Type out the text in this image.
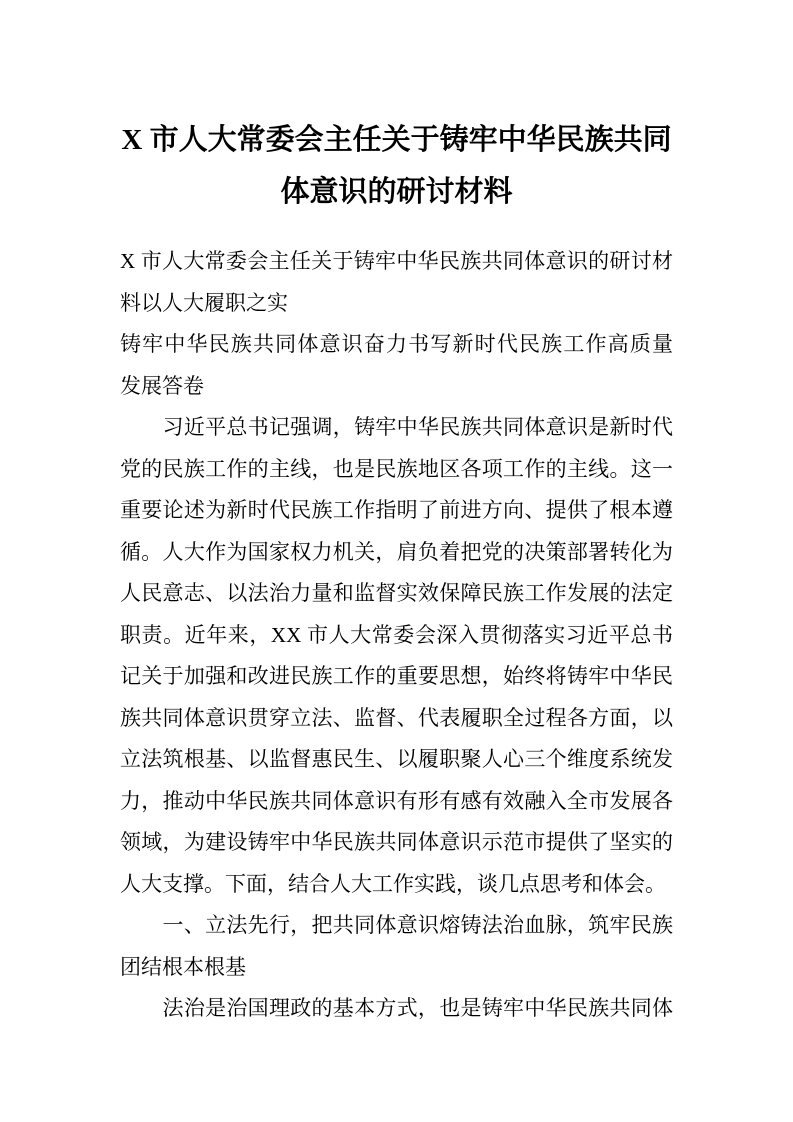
X 市人大常委会主任关于铸牢中华民族共同
体意识的研讨材料
X 市人大常委会主任关于铸牢中华民族共同体意识的研讨材
料以人大履职之实
铸牢中华民族共同体意识奋力书写新时代民族工作高质量
发展答卷
　　习近平总书记强调，铸牢中华民族共同体意识是新时代
党的民族工作的主线，也是民族地区各项工作的主线。这一
重要论述为新时代民族工作指明了前进方向、提供了根本遵
循。人大作为国家权力机关，肩负着把党的决策部署转化为
人民意志、以法治力量和监督实效保障民族工作发展的法定
职责。近年来，XX 市人大常委会深入贯彻落实习近平总书
记关于加强和改进民族工作的重要思想，始终将铸牢中华民
族共同体意识贯穿立法、监督、代表履职全过程各方面，以
立法筑根基、以监督惠民生、以履职聚人心三个维度系统发
力，推动中华民族共同体意识有形有感有效融入全市发展各
领域，为建设铸牢中华民族共同体意识示范市提供了坚实的
人大支撑。下面，结合人大工作实践，谈几点思考和体会。
　　一、立法先行，把共同体意识熔铸法治血脉，筑牢民族
团结根本根基
　　法治是治国理政的基本方式，也是铸牢中华民族共同体
